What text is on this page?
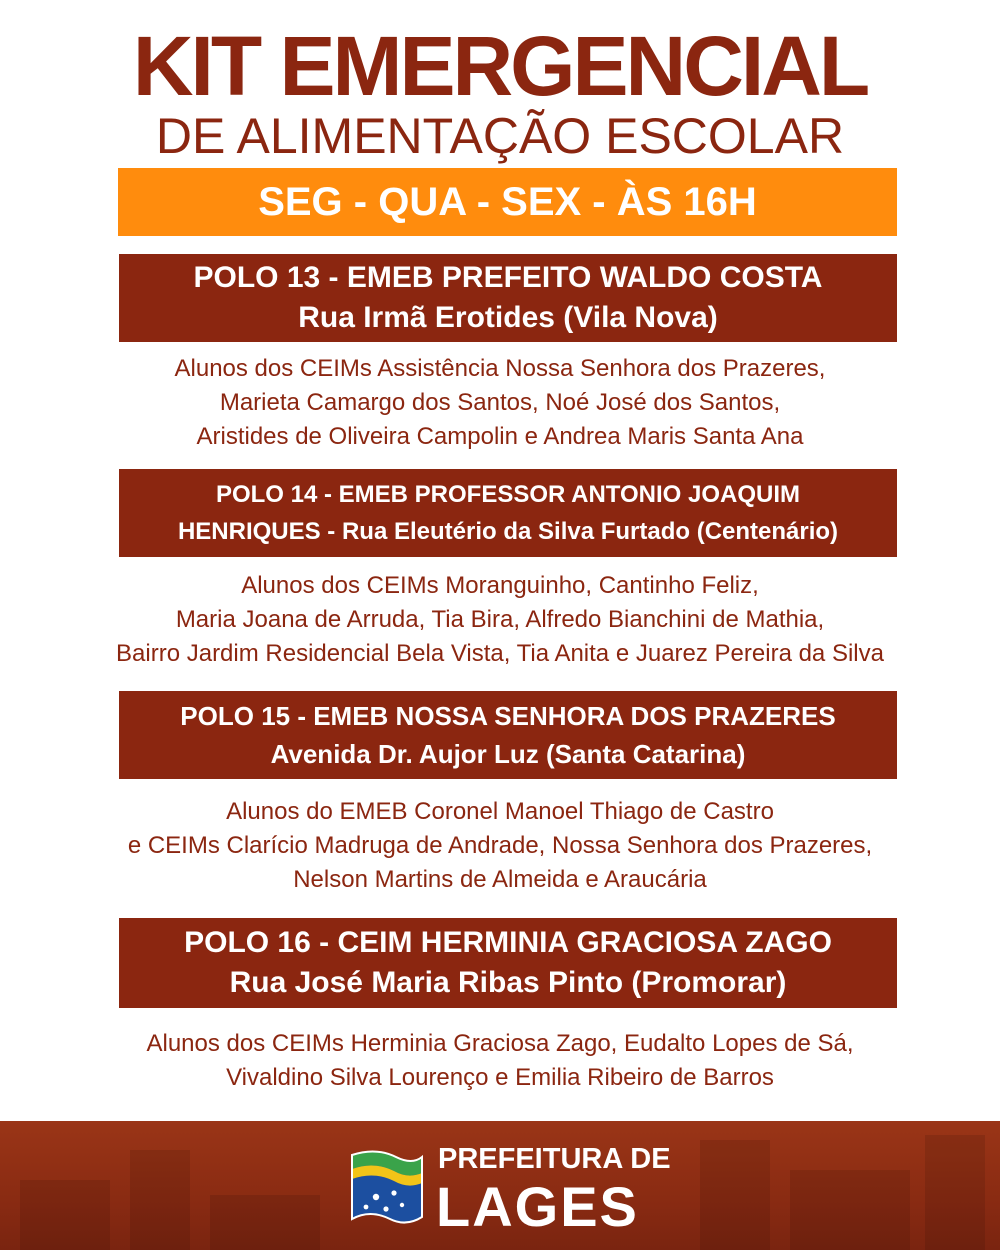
KIT EMERGENCIAL
DE ALIMENTAÇÃO ESCOLAR
SEG - QUA - SEX - ÀS 16H
POLO 13 - EMEB PREFEITO WALDO COSTA
Rua Irmã Erotides (Vila Nova)
Alunos dos CEIMs Assistência Nossa Senhora dos Prazeres,
Marieta Camargo dos Santos, Noé José dos Santos,
Aristides de Oliveira Campolin e Andrea Maris Santa Ana
POLO 14 - EMEB PROFESSOR ANTONIO JOAQUIM
HENRIQUES - Rua Eleutério da Silva Furtado (Centenário)
Alunos dos CEIMs Moranguinho, Cantinho Feliz,
Maria Joana de Arruda, Tia Bira, Alfredo Bianchini de Mathia,
Bairro Jardim Residencial Bela Vista, Tia Anita e Juarez Pereira da Silva
POLO 15 - EMEB NOSSA SENHORA DOS PRAZERES
Avenida Dr. Aujor Luz (Santa Catarina)
Alunos do EMEB Coronel Manoel Thiago de Castro
e CEIMs Clarício Madruga de Andrade, Nossa Senhora dos Prazeres,
Nelson Martins de Almeida e Araucária
POLO 16 - CEIM HERMINIA GRACIOSA ZAGO
Rua José Maria Ribas Pinto (Promorar)
Alunos dos CEIMs Herminia Graciosa Zago, Eudalto Lopes de Sá,
Vivaldino Silva Lourenço e Emilia Ribeiro de Barros
PREFEITURA DE
LAGES
